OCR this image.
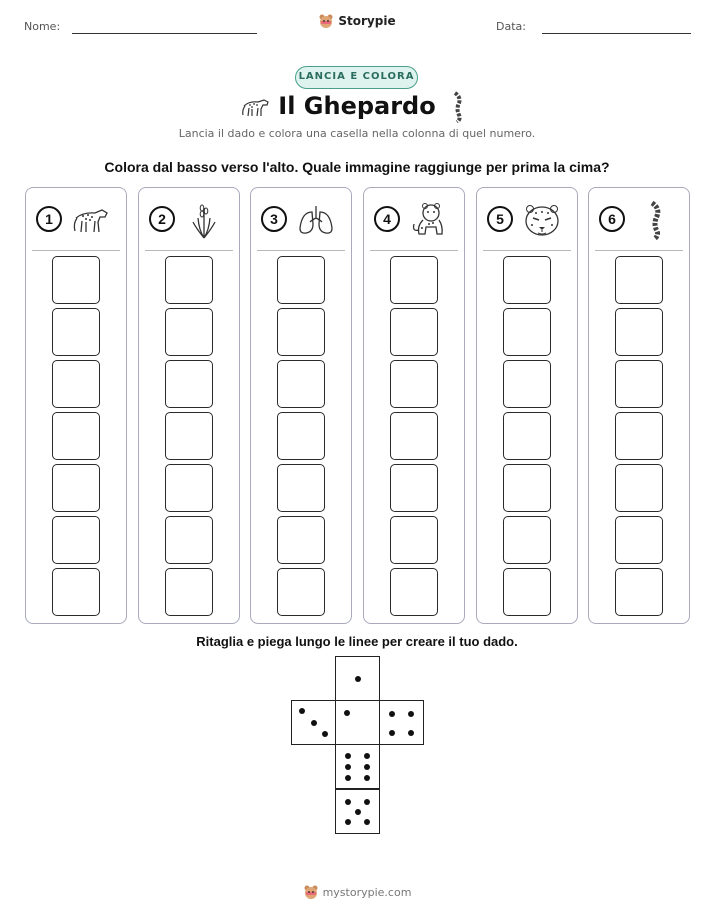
Nome:	Data:
Storypie
LANCIA E COLORA
Il Ghepardo
Lancia il dado e colora una casella nella colonna di quel numero.
Colora dal basso verso l'alto. Quale immagine raggiunge per prima la cima?
1	2	3	4	5	6
Ritaglia e piega lungo le linee per creare il tuo dado.
mystorypie.com
